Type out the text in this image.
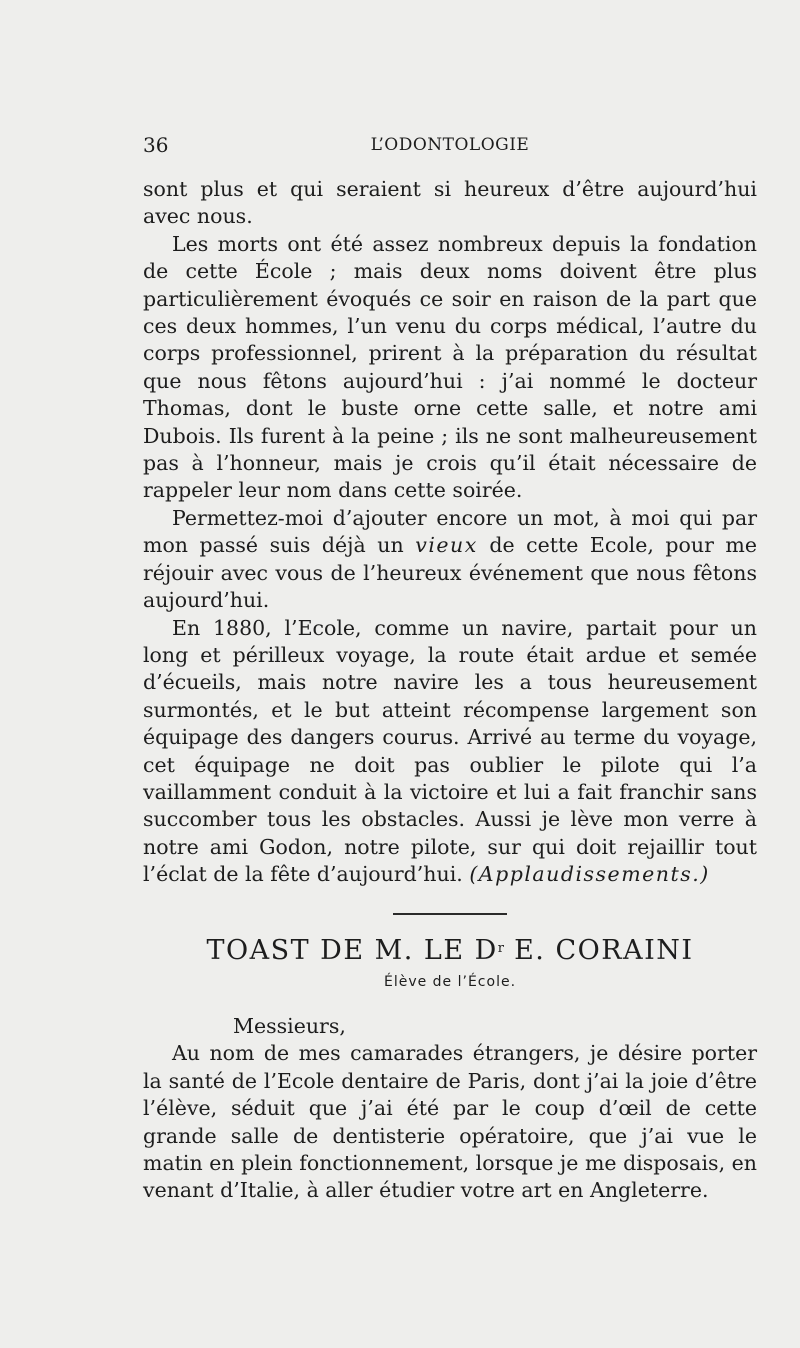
36	L’ODONTOLOGIE

sont plus et qui seraient si heureux d’être aujourd’hui avec nous.

Les morts ont été assez nombreux depuis la fondation de cette École ; mais deux noms doivent être plus particulièrement évoqués ce soir en raison de la part que ces deux hommes, l’un venu du corps médical, l’autre du corps professionnel, prirent à la préparation du résultat que nous fêtons aujourd’hui : j’ai nommé le docteur Thomas, dont le buste orne cette salle, et notre ami Dubois. Ils furent à la peine ; ils ne sont malheureusement pas à l’honneur, mais je crois qu’il était nécessaire de rappeler leur nom dans cette soirée.

Permettez-moi d’ajouter encore un mot, à moi qui par mon passé suis déjà un vieux de cette Ecole, pour me réjouir avec vous de l’heureux événement que nous fêtons aujourd’hui.

En 1880, l’Ecole, comme un navire, partait pour un long et périlleux voyage, la route était ardue et semée d’écueils, mais notre navire les a tous heureusement surmontés, et le but atteint récompense largement son équipage des dangers courus. Arrivé au terme du voyage, cet équipage ne doit pas oublier le pilote qui l’a vaillamment conduit à la victoire et lui a fait franchir sans succomber tous les obstacles. Aussi je lève mon verre à notre ami Godon, notre pilote, sur qui doit rejaillir tout l’éclat de la fête d’aujourd’hui. (Applaudissements.)

TOAST DE M. LE $D^r$ E. CORAINI
Élève de l’École.

Messieurs,

Au nom de mes camarades étrangers, je désire porter la santé de l’Ecole dentaire de Paris, dont j’ai la joie d’être l’élève, séduit que j’ai été par le coup d’œil de cette grande salle de dentisterie opératoire, que j’ai vue le matin en plein fonctionnement, lorsque je me disposais, en venant d’Italie, à aller étudier votre art en Angleterre.
